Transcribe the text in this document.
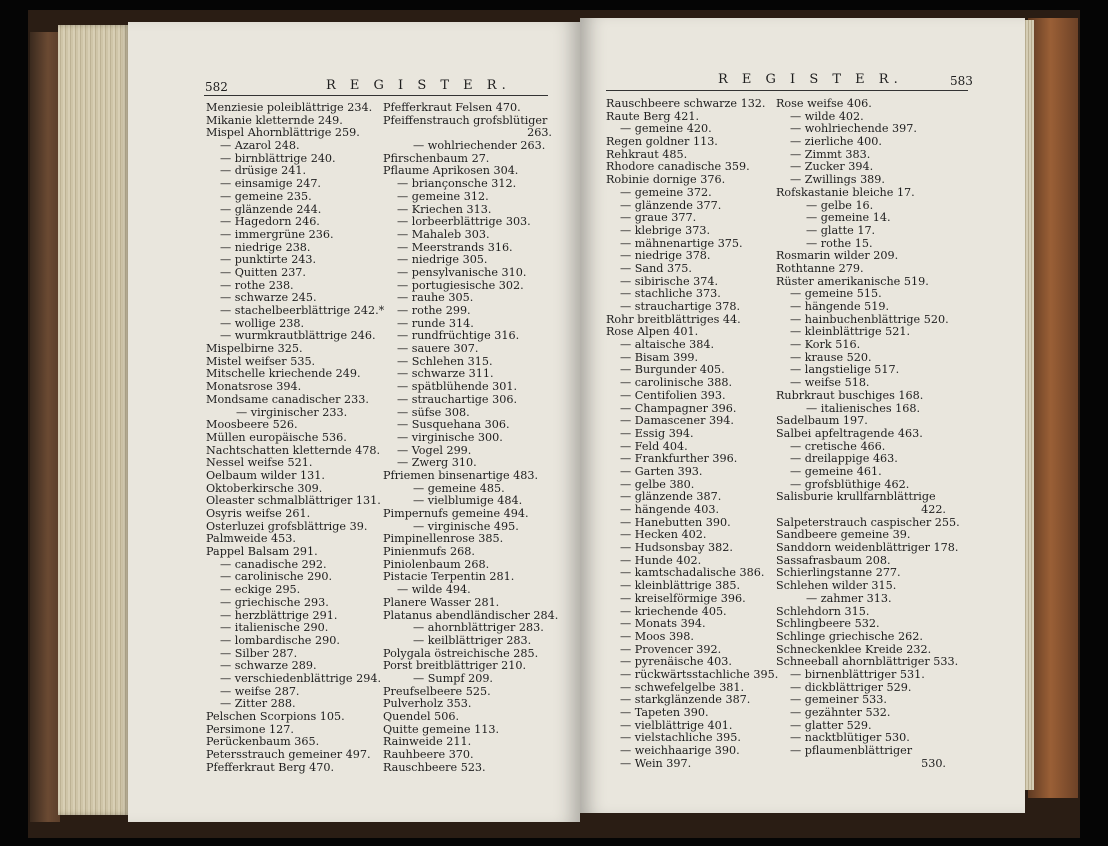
582	R E G I S T E R.
Menziesie poleiblättrige 234.
Mikanie kletternde 249.
Mispel Ahornblättrige 259.
— Azarol 248.
— birnblättrige 240.
— drüsige 241.
— einsamige 247.
— gemeine 235.
— glänzende 244.
— Hagedorn 246.
— immergrüne 236.
— niedrige 238.
— punktirte 243.
— Quitten 237.
— rothe 238.
— schwarze 245.
— stachelbeerblättrige 242.*
— wollige 238.
— wurmkrautblättrige 246.
Mispelbirne 325.
Mistel weifser 535.
Mitschelle kriechende 249.
Monatsrose 394.
Mondsame canadischer 233.
— virginischer 233.
Moosbeere 526.
Müllen europäische 536.
Nachtschatten kletternde 478.
Nessel weifse 521.
Oelbaum wilder 131.
Oktoberkirsche 309.
Oleaster schmalblättriger 131.
Osyris weifse 261.
Osterluzei grofsblättrige 39.
Palmweide 453.
Pappel Balsam 291.
— canadische 292.
— carolinische 290.
— eckige 295.
— griechische 293.
— herzblättrige 291.
— italienische 290.
— lombardische 290.
— Silber 287.
— schwarze 289.
— verschiedenblättrige 294.
— weifse 287.
— Zitter 288.
Pelschen Scorpions 105.
Persimone 127.
Perückenbaum 365.
Petersstrauch gemeiner 497.
Pfefferkraut Berg 470.
Pfefferkraut Felsen 470.
Pfeiffenstrauch grofsblütiger
263.
— wohlriechender 263.
Pfirschenbaum 27.
Pflaume Aprikosen 304.
— briançonsche 312.
— gemeine 312.
— Kriechen 313.
— lorbeerblättrige 303.
— Mahaleb 303.
— Meerstrands 316.
— niedrige 305.
— pensylvanische 310.
— portugiesische 302.
— rauhe 305.
— rothe 299.
— runde 314.
— rundfrüchtige 316.
— sauere 307.
— Schlehen 315.
— schwarze 311.
— spätblühende 301.
— strauchartige 306.
— süfse 308.
— Susquehana 306.
— virginische 300.
— Vogel 299.
— Zwerg 310.
Pfriemen binsenartige 483.
— gemeine 485.
— vielblumige 484.
Pimpernufs gemeine 494.
— virginische 495.
Pimpinellenrose 385.
Pinienmufs 268.
Piniolenbaum 268.
Pistacie Terpentin 281.
— wilde 494.
Planere Wasser 281.
Platanus abendländischer 284.
— ahornblättriger 283.
— keilblättriger 283.
Polygala östreichische 285.
Porst breitblättriger 210.
— Sumpf 209.
Preufselbeere 525.
Pulverholz 353.
Quendel 506.
Quitte gemeine 113.
Rainweide 211.
Rauhbeere 370.
Rauschbeere 523.
R E G I S T E R.	583
Rauschbeere schwarze 132.
Raute Berg 421.
— gemeine 420.
Regen goldner 113.
Rehkraut 485.
Rhodore canadische 359.
Robinie dornige 376.
— gemeine 372.
— glänzende 377.
— graue 377.
— klebrige 373.
— mähnenartige 375.
— niedrige 378.
— Sand 375.
— sibirische 374.
— stachliche 373.
— strauchartige 378.
Rohr breitblättriges 44.
Rose Alpen 401.
— altaische 384.
— Bisam 399.
— Burgunder 405.
— carolinische 388.
— Centifolien 393.
— Champagner 396.
— Damascener 394.
— Essig 394.
— Feld 404.
— Frankfurther 396.
— Garten 393.
— gelbe 380.
— glänzende 387.
— hängende 403.
— Hanebutten 390.
— Hecken 402.
— Hudsonsbay 382.
— Hunde 402.
— kamtschadalische 386.
— kleinblättrige 385.
— kreiselförmige 396.
— kriechende 405.
— Monats 394.
— Moos 398.
— Provencer 392.
— pyrenäische 403.
— rückwärtsstachliche 395.
— schwefelgelbe 381.
— starkglänzende 387.
— Tapeten 390.
— vielblättrige 401.
— vielstachliche 395.
— weichhaarige 390.
— Wein 397.
Rose weifse 406.
— wilde 402.
— wohlriechende 397.
— zierliche 400.
— Zimmt 383.
— Zucker 394.
— Zwillings 389.
Rofskastanie bleiche 17.
— gelbe 16.
— gemeine 14.
— glatte 17.
— rothe 15.
Rosmarin wilder 209.
Rothtanne 279.
Rüster amerikanische 519.
— gemeine 515.
— hängende 519.
— hainbuchenblättrige 520.
— kleinblättrige 521.
— Kork 516.
— krause 520.
— langstielige 517.
— weifse 518.
Rubrkraut buschiges 168.
— italienisches 168.
Sadelbaum 197.
Salbei apfeltragende 463.
— cretische 466.
— dreilappige 463.
— gemeine 461.
— grofsblüthige 462.
Salisburie krullfarnblättrige
422.
Salpeterstrauch caspischer 255.
Sandbeere gemeine 39.
Sanddorn weidenblättriger 178.
Sassafrasbaum 208.
Schierlingstanne 277.
Schlehen wilder 315.
— zahmer 313.
Schlehdorn 315.
Schlingbeere 532.
Schlinge griechische 262.
Schneckenklee Kreide 232.
Schneeball ahornblättriger 533.
— birnenblättriger 531.
— dickblättriger 529.
— gemeiner 533.
— gezähnter 532.
— glatter 529.
— nacktblütiger 530.
— pflaumenblättriger
530.
